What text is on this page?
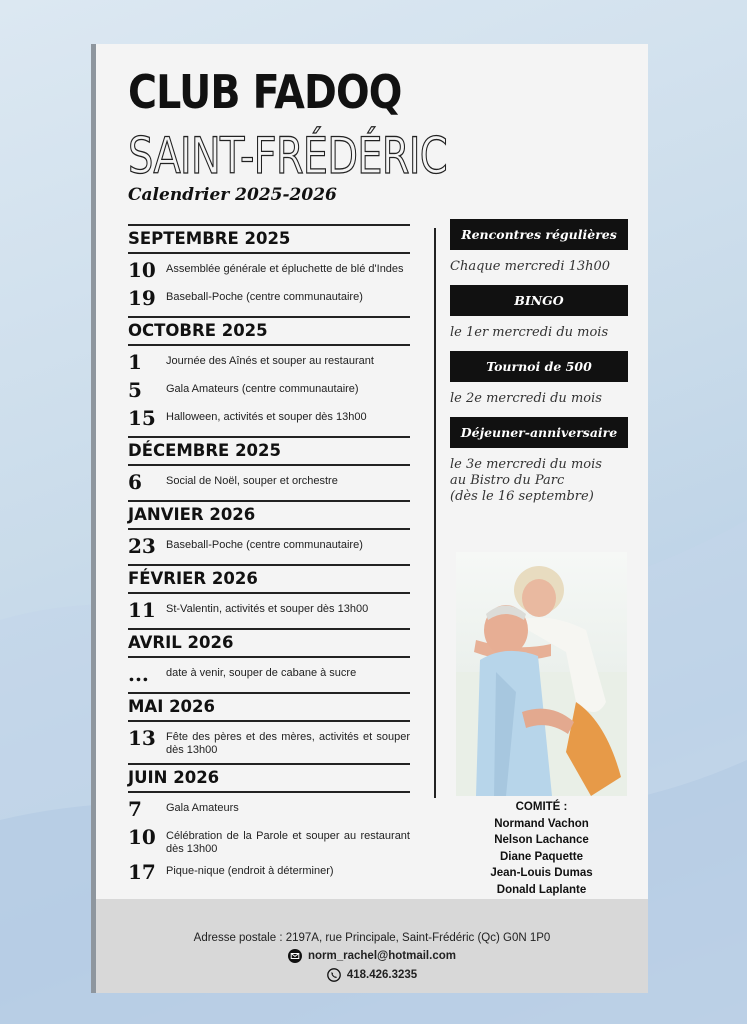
CLUB FADOQ
SAINT-FRÉDÉRIC
Calendrier 2025-2026
SEPTEMBRE 2025
10 Assemblée générale et épluchette de blé d'Indes
19 Baseball-Poche (centre communautaire)
OCTOBRE 2025
1	Journée des Aînés et souper au restaurant
5	Gala Amateurs (centre communautaire)
15 Halloween, activités et souper dès 13h00
DÉCEMBRE 2025
6	Social de Noël, souper et orchestre
JANVIER 2026
23 Baseball-Poche (centre communautaire)
FÉVRIER 2026
11 St-Valentin, activités et souper dès 13h00
AVRIL 2026
...	date à venir, souper de cabane à sucre
MAI 2026
13 Fête des pères et des mères, activités et souper dès 13h00
JUIN 2026
7	Gala Amateurs
10 Célébration de la Parole et souper au restaurant dès 13h00
17 Pique-nique (endroit à déterminer)
Rencontres régulières
Chaque mercredi 13h00
BINGO
le 1er mercredi du mois
Tournoi de 500
le 2e mercredi du mois
Déjeuner-anniversaire
le 3e mercredi du mois
au Bistro du Parc
(dès le 16 septembre)
COMITÉ :
Normand Vachon
Nelson Lachance
Diane Paquette
Jean-Louis Dumas
Donald Laplante
Adresse postale : 2197A, rue Principale, Saint-Frédéric (Qc) G0N 1P0
norm_rachel@hotmail.com
418.426.3235
